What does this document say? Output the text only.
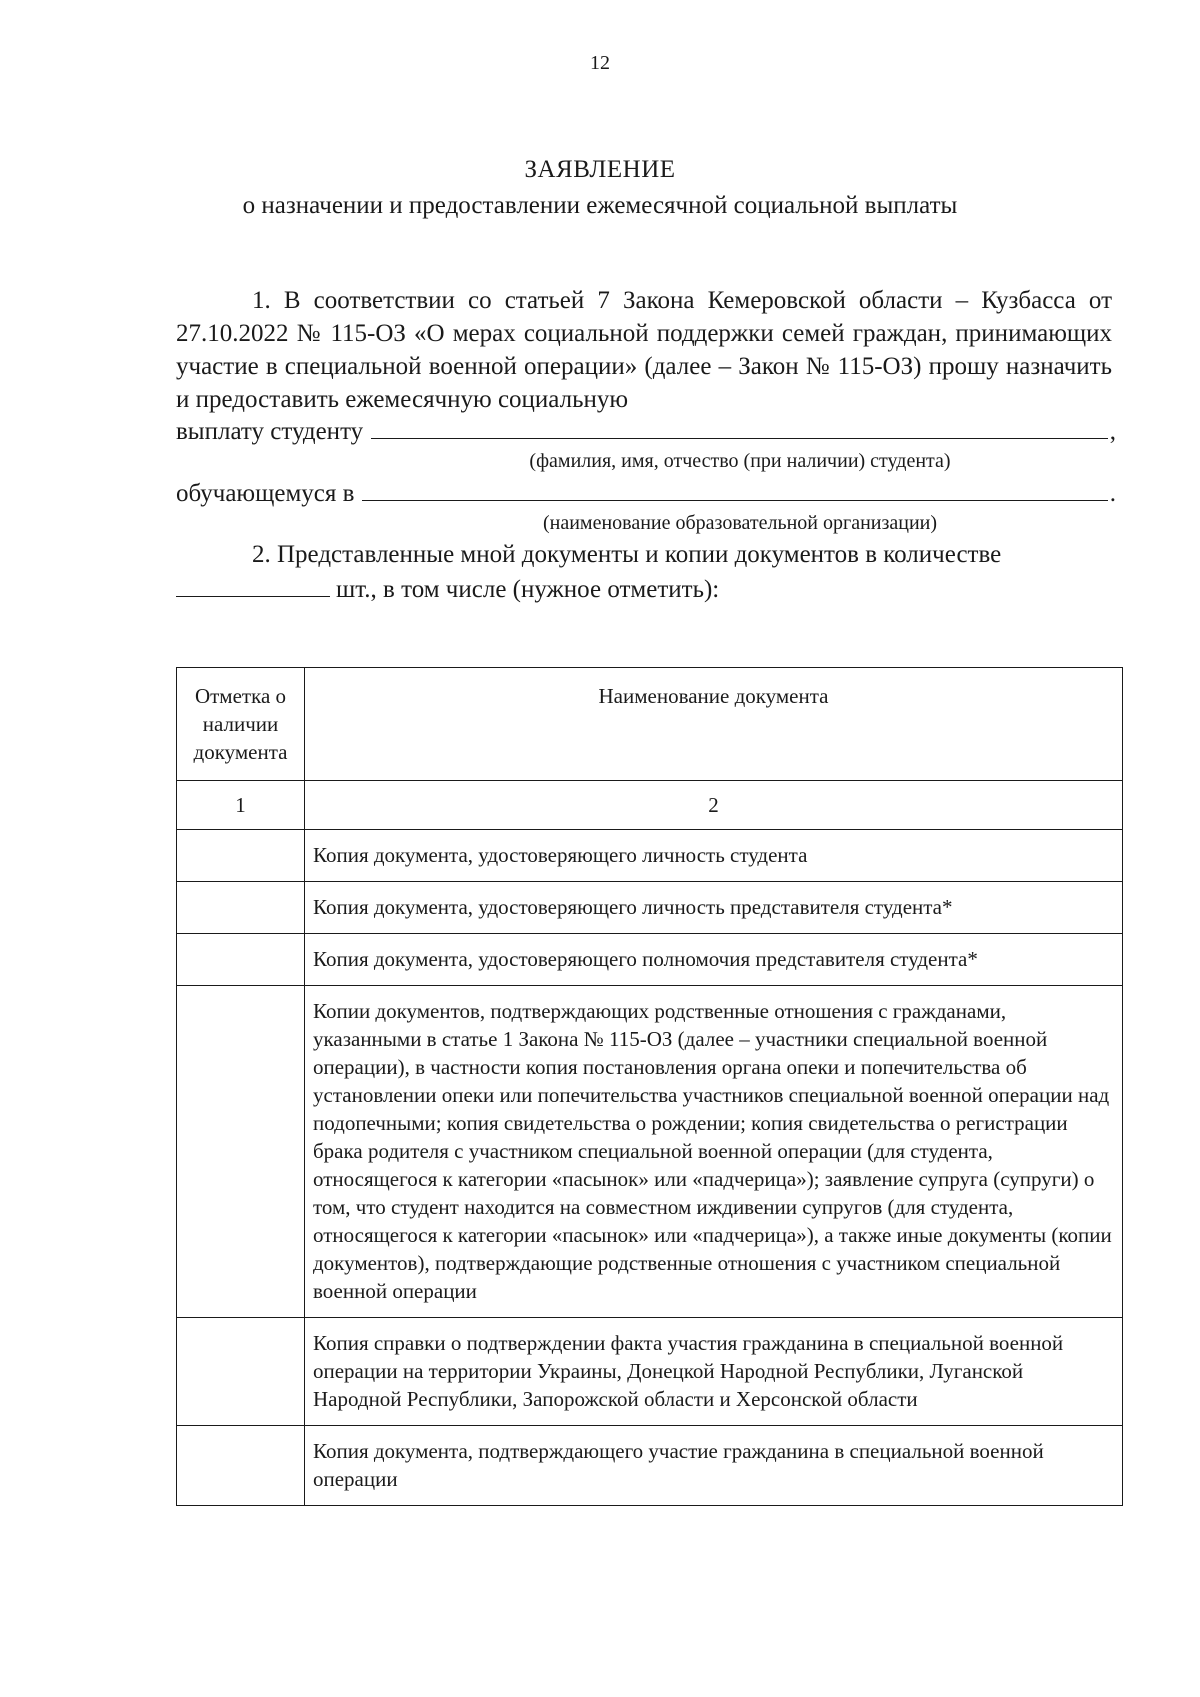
12
ЗАЯВЛЕНИЕ
о назначении и предоставлении ежемесячной социальной выплаты
1. В соответствии со статьей 7 Закона Кемеровской области – Кузбасса от 27.10.2022 № 115-ОЗ «О мерах социальной поддержки семей граждан, принимающих участие в специальной военной операции» (далее – Закон № 115-ОЗ) прошу назначить и предоставить ежемесячную социальную
выплату студенту	,
(фамилия, имя, отчество (при наличии) студента)
обучающемуся в	.
(наименование образовательной организации)
2. Представленные мной документы и копии документов в количестве
шт., в том числе (нужное отметить):
Отметка о наличии документа	Наименование документа
1	2
	Копия документа, удостоверяющего личность студента
	Копия документа, удостоверяющего личность представителя студента*
	Копия документа, удостоверяющего полномочия представителя студента*
	Копии документов, подтверждающих родственные отношения с гражданами, указанными в статье 1 Закона № 115-ОЗ (далее – участники специальной военной операции), в частности копия постановления органа опеки и попечительства об установлении опеки или попечительства участников специальной военной операции над подопечными; копия свидетельства о рождении; копия свидетельства о регистрации брака родителя с участником специальной военной операции (для студента, относящегося к категории «пасынок» или «падчерица»); заявление супруга (супруги) о том, что студент находится на совместном иждивении супругов (для студента, относящегося к категории «пасынок» или «падчерица»), а также иные документы (копии документов), подтверждающие родственные отношения с участником специальной военной операции
	Копия справки о подтверждении факта участия гражданина в специальной военной операции на территории Украины, Донецкой Народной Республики, Луганской Народной Республики, Запорожской области и Херсонской области
	Копия документа, подтверждающего участие гражданина в специальной военной операции
